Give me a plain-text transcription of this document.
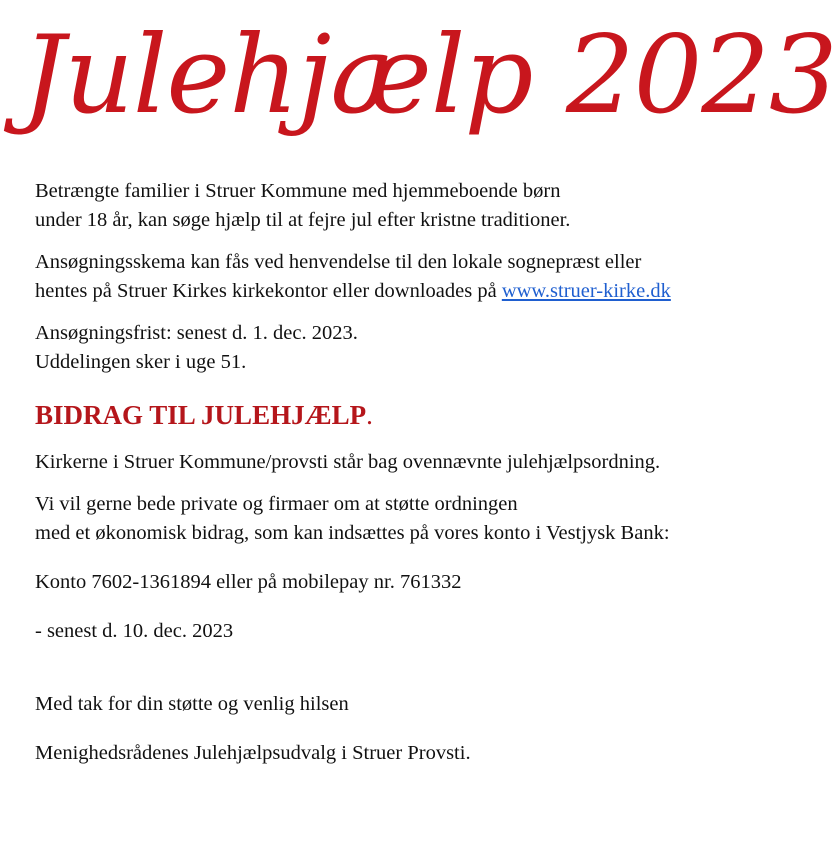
Julehjælp 2023

Betrængte familier i Struer Kommune med hjemmeboende børn
under 18 år, kan søge hjælp til at fejre jul efter kristne traditioner.

Ansøgningsskema kan fås ved henvendelse til den lokale sognepræst eller
hentes på Struer Kirkes kirkekontor eller downloades på www.struer-kirke.dk

Ansøgningsfrist: senest d. 1. dec. 2023.
Uddelingen sker i uge 51.

BIDRAG TIL JULEHJÆLP.

Kirkerne i Struer Kommune/provsti står bag ovennævnte julehjælpsordning.

Vi vil gerne bede private og firmaer om at støtte ordningen
med et økonomisk bidrag, som kan indsættes på vores konto i Vestjysk Bank:

Konto 7602-1361894 eller på mobilepay nr. 761332

- senest d. 10. dec. 2023

Med tak for din støtte og venlig hilsen

Menighedsrådenes Julehjælpsudvalg i Struer Provsti.
